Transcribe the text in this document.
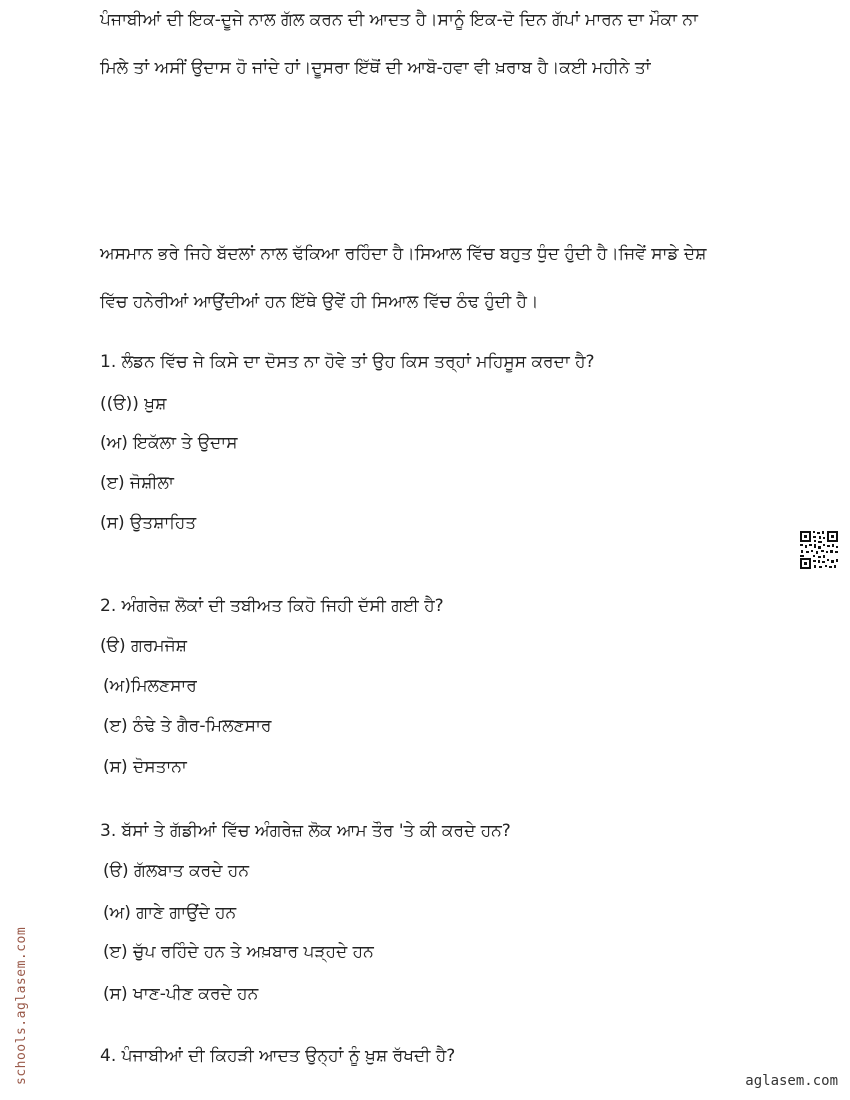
ਪੰਜਾਬੀਆਂ ਦੀ ਇਕ-ਦੂਜੇ ਨਾਲ ਗੱਲ ਕਰਨ ਦੀ ਆਦਤ ਹੈ।ਸਾਨੂੰ ਇਕ-ਦੋ ਦਿਨ ਗੱਪਾਂ ਮਾਰਨ ਦਾ ਮੌਕਾ ਨਾ
ਮਿਲੇ ਤਾਂ ਅਸੀਂ ਉਦਾਸ ਹੋ ਜਾਂਦੇ ਹਾਂ।ਦੂਸਰਾ ਇੱਥੋਂ ਦੀ ਆਬੋ-ਹਵਾ ਵੀ ਖ਼ਰਾਬ ਹੈ।ਕਈ ਮਹੀਨੇ ਤਾਂ
ਅਸਮਾਨ ਭਰੇ ਜਿਹੇ ਬੱਦਲਾਂ ਨਾਲ ਢੱਕਿਆ ਰਹਿੰਦਾ ਹੈ।ਸਿਆਲ ਵਿੱਚ ਬਹੁਤ ਧੁੰਦ ਹੁੰਦੀ ਹੈ।ਜਿਵੇਂ ਸਾਡੇ ਦੇਸ਼
ਵਿੱਚ ਹਨੇਰੀਆਂ ਆਉਂਦੀਆਂ ਹਨ ਇੱਥੇ ਉਵੇਂ ਹੀ ਸਿਆਲ ਵਿੱਚ ਠੰਢ ਹੁੰਦੀ ਹੈ।
1. ਲੰਡਨ ਵਿੱਚ ਜੇ ਕਿਸੇ ਦਾ ਦੋਸਤ ਨਾ ਹੋਵੇ ਤਾਂ ਉਹ ਕਿਸ ਤਰ੍ਹਾਂ ਮਹਿਸੂਸ ਕਰਦਾ ਹੈ?
((ੳ)) ਖ਼ੁਸ਼
(ਅ) ਇਕੱਲਾ ਤੇ ਉਦਾਸ
(ੲ) ਜੋਸ਼ੀਲਾ
(ਸ) ਉਤਸ਼ਾਹਿਤ
2. ਅੰਗਰੇਜ਼ ਲੋਕਾਂ ਦੀ ਤਬੀਅਤ ਕਿਹੋ ਜਿਹੀ ਦੱਸੀ ਗਈ ਹੈ?
(ੳ) ਗਰਮਜੋਸ਼
(ਅ)ਮਿਲਣਸਾਰ
(ੲ) ਠੰਢੇ ਤੇ ਗੈਰ-ਮਿਲਣਸਾਰ
(ਸ) ਦੋਸਤਾਨਾ
3. ਬੱਸਾਂ ਤੇ ਗੱਡੀਆਂ ਵਿੱਚ ਅੰਗਰੇਜ਼ ਲੋਕ ਆਮ ਤੌਰ 'ਤੇ ਕੀ ਕਰਦੇ ਹਨ?
(ੳ) ਗੱਲਬਾਤ ਕਰਦੇ ਹਨ
(ਅ) ਗਾਣੇ ਗਾਉਂਦੇ ਹਨ
(ੲ) ਚੁੱਪ ਰਹਿੰਦੇ ਹਨ ਤੇ ਅਖ਼ਬਾਰ ਪੜ੍ਹਦੇ ਹਨ
(ਸ) ਖਾਣ-ਪੀਣ ਕਰਦੇ ਹਨ
4. ਪੰਜਾਬੀਆਂ ਦੀ ਕਿਹੜੀ ਆਦਤ ਉਨ੍ਹਾਂ ਨੂੰ ਖ਼ੁਸ਼ ਰੱਖਦੀ ਹੈ?
schools.aglasem.com	aglasem.com
